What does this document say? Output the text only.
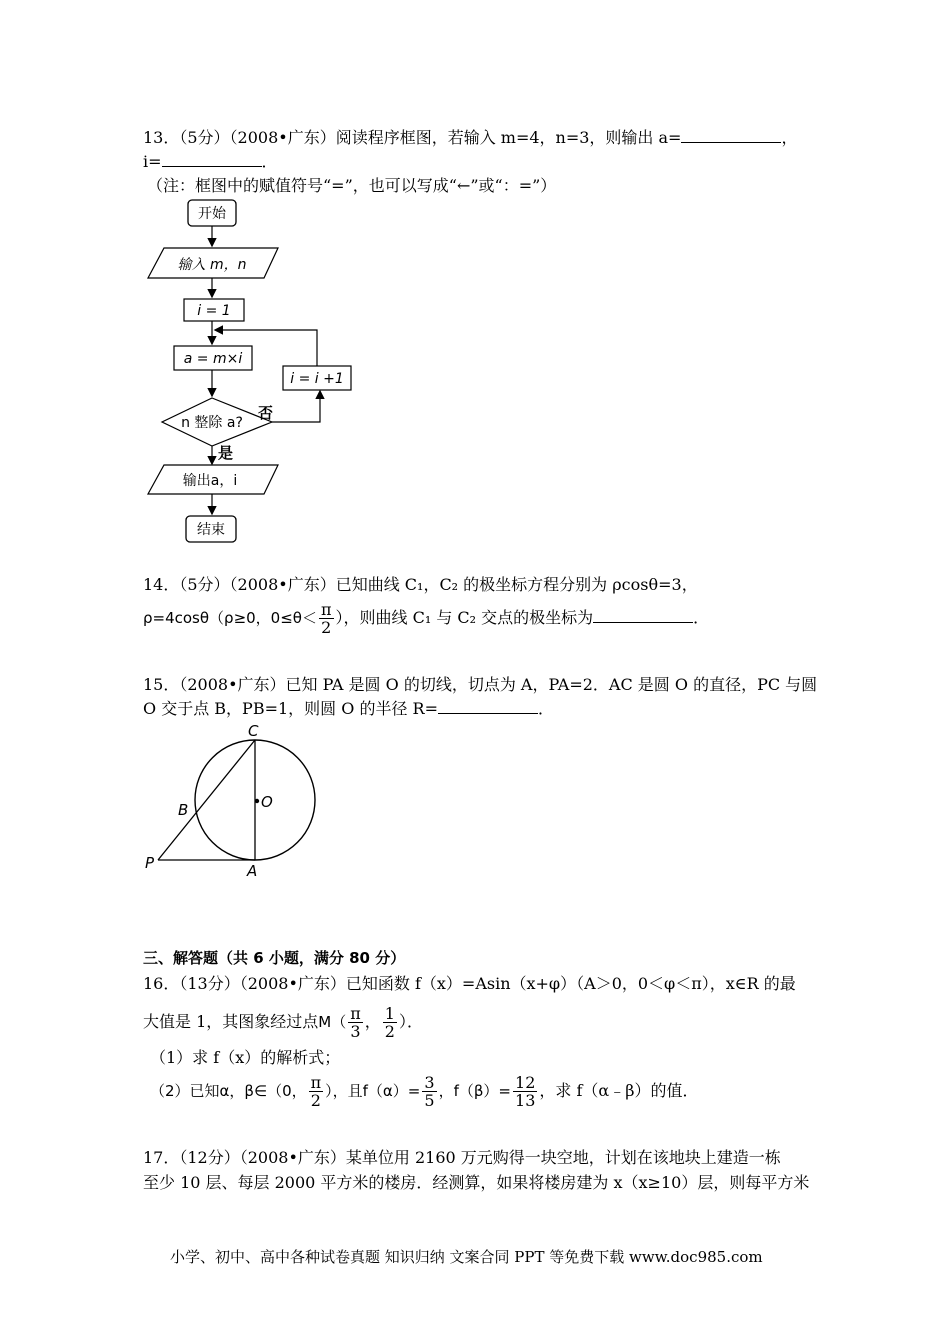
13．（5分）（2008•广东）阅读程序框图，若输入 m=4，n=3，则输出 a=	，
i=	．
（注：框图中的赋值符号“=”，也可以写成“←”或“：=”）
开始
输入 m，n
i = 1
a = m×i
i = i +1
n 整除 a?
否
是
输出a，i
结束
14．（5分）（2008•广东）已知曲线 C₁，C₂ 的极坐标方程分别为 ρcosθ=3，
ρ=4cosθ（ρ≥0，$0\le\theta< \frac{\pi}{2}$ ），则曲线 C₁ 与 C₂ 交点的极坐标为	．
15．（2008•广东）已知 PA 是圆 O 的切线，切点为 A，PA=2．AC 是圆 O 的直径，PC 与圆
O 交于点 B，PB=1，则圆 O 的半径 R=	．
C
O
B
P	A
三、解答题（共 6 小题，满分 80 分）
16．（13分）（2008•广东）已知函数 f（x）=Asin（x+φ）（A＞0，0＜φ＜π），x∈R 的最
大值是 1，其图象经过点$M( \frac{\pi}{3}$ ， $\frac{1}{2}$ ）．
（1）求 f（x）的解析式；
（2）已知α，β∈（0， $\frac{\pi}{2}$ ），且$f(\alpha)= \frac{3}{5}$ ，$f(\beta)= \frac{12}{13}$ ，求 f（α﹣β）的值．
17．（12分）（2008•广东）某单位用 2160 万元购得一块空地，计划在该地块上建造一栋
至少 10 层、每层 2000 平方米的楼房．经测算，如果将楼房建为 x（x≥10）层，则每平方米
小学、初中、高中各种试卷真题 知识归纳 文案合同 PPT 等免费下载 www.doc985.com
